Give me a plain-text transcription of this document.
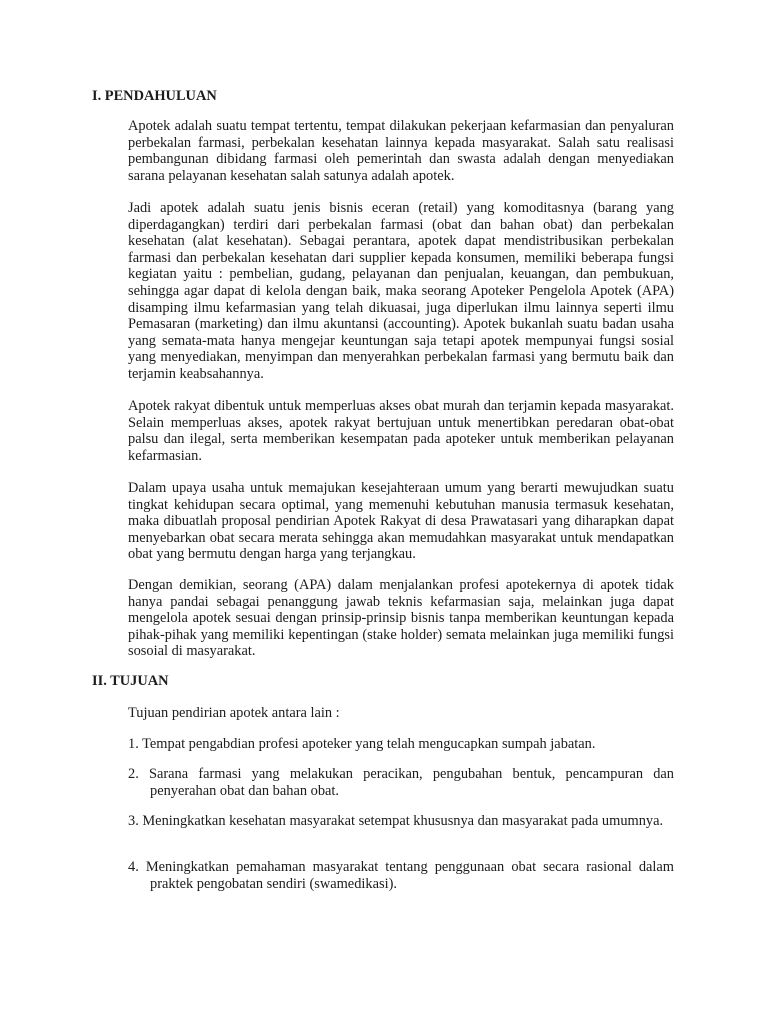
I. PENDAHULUAN

Apotek adalah suatu tempat tertentu, tempat dilakukan pekerjaan kefarmasian dan penyaluran perbekalan farmasi, perbekalan kesehatan lainnya kepada masyarakat. Salah satu realisasi pembangunan dibidang farmasi oleh pemerintah dan swasta adalah dengan menyediakan sarana pelayanan kesehatan salah satunya adalah apotek.

Jadi apotek adalah suatu jenis bisnis eceran (retail) yang komoditasnya (barang yang diperdagangkan) terdiri dari perbekalan farmasi (obat dan bahan obat) dan perbekalan kesehatan (alat kesehatan). Sebagai perantara, apotek dapat mendistribusikan perbekalan farmasi dan perbekalan kesehatan dari supplier kepada konsumen, memiliki beberapa fungsi kegiatan yaitu : pembelian, gudang, pelayanan dan penjualan, keuangan, dan pembukuan, sehingga agar dapat di kelola dengan baik, maka seorang Apoteker Pengelola Apotek (APA) disamping ilmu kefarmasian yang telah dikuasai, juga diperlukan ilmu lainnya seperti ilmu Pemasaran (marketing) dan ilmu akuntansi (accounting). Apotek bukanlah suatu badan usaha yang semata-mata hanya mengejar keuntungan saja tetapi apotek mempunyai fungsi sosial yang menyediakan, menyimpan dan menyerahkan perbekalan farmasi yang bermutu baik dan terjamin keabsahannya.

Apotek rakyat dibentuk untuk memperluas akses obat murah dan terjamin kepada masyarakat. Selain memperluas akses, apotek rakyat bertujuan untuk menertibkan peredaran obat-obat palsu dan ilegal, serta memberikan kesempatan pada apoteker untuk memberikan pelayanan kefarmasian.

Dalam upaya usaha untuk memajukan kesejahteraan umum yang berarti mewujudkan suatu tingkat kehidupan secara optimal, yang memenuhi kebutuhan manusia termasuk kesehatan, maka dibuatlah proposal pendirian Apotek Rakyat di desa Prawatasari yang diharapkan dapat menyebarkan obat secara merata sehingga akan memudahkan masyarakat untuk mendapatkan obat yang bermutu dengan harga yang terjangkau.

Dengan demikian, seorang (APA) dalam menjalankan profesi apotekernya di apotek tidak hanya pandai sebagai penanggung jawab teknis kefarmasian saja, melainkan juga dapat mengelola apotek sesuai dengan prinsip-prinsip bisnis tanpa memberikan keuntungan kepada pihak-pihak yang memiliki kepentingan (stake holder) semata melainkan juga memiliki fungsi sosoial di masyarakat.

II. TUJUAN

Tujuan pendirian apotek antara lain :

1. Tempat pengabdian profesi apoteker yang telah mengucapkan sumpah jabatan.

2. Sarana farmasi yang melakukan peracikan, pengubahan bentuk, pencampuran dan penyerahan obat dan bahan obat.

3. Meningkatkan kesehatan masyarakat setempat khususnya dan masyarakat pada umumnya.

4. Meningkatkan pemahaman masyarakat tentang penggunaan obat secara rasional dalam praktek pengobatan sendiri (swamedikasi).
